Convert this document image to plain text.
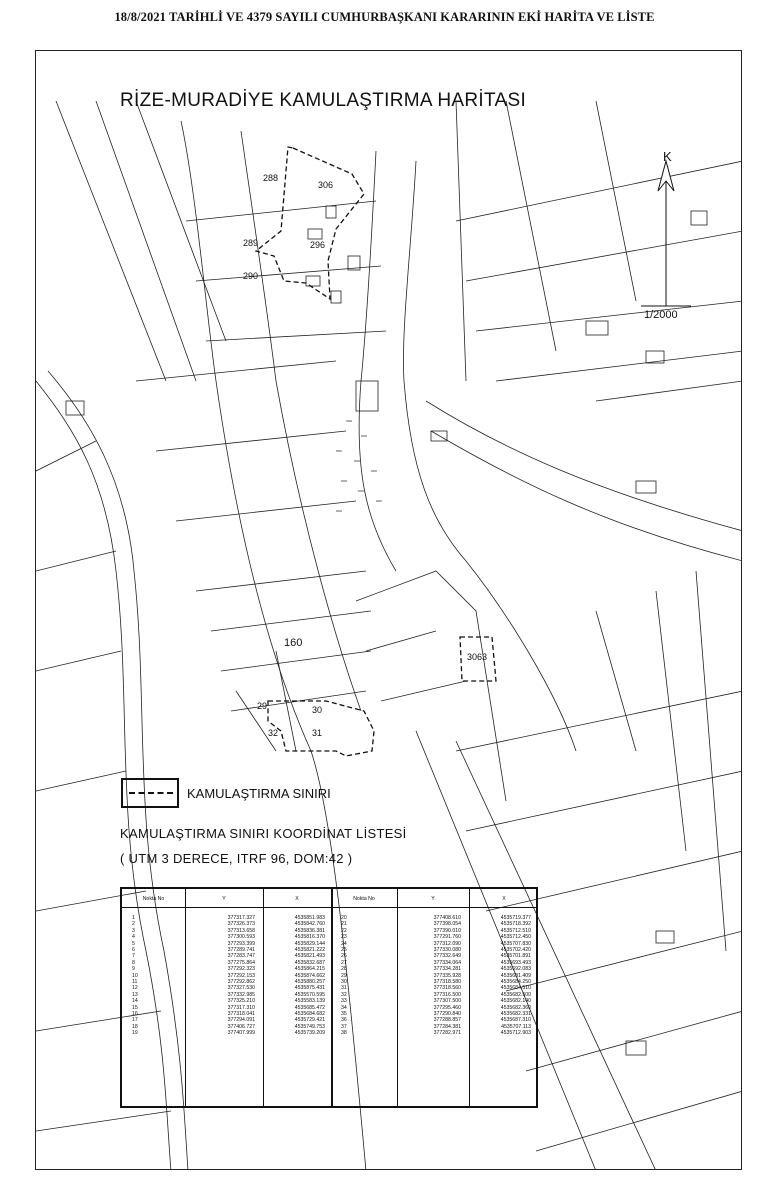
18/8/2021 TARİHLİ VE 4379 SAYILI CUMHURBAŞKANI KARARININ EKİ HARİTA VE LİSTE
RİZE-MURADİYE KAMULAŞTIRMA HARİTASI
K
1/2000
288
306
289
290
296
160
3063
29	30
31
32
KAMULAŞTIRMA SINIRI
KAMULAŞTIRMA SINIRI KOORDİNAT LİSTESİ
( UTM 3 DERECE, ITRF 96, DOM:42 )
Nokta No	Y	X	Nokta No	Y	X
1	377317.327	4535851.983
2	377326.373	4535842.760
3	377313.658	4535836.381
4	377300.593	4535816.370
5	377293.399	4535829.144
6	377289.741	4535821.222
7	377283.747	4535821.493
8	377275.864	4535832.687
9	377292.323	4535864.215
10	377292.153	4535874.662
11	377292.862	4535880.257
12	377327.530	4535875.431
13	377332.985	4535570.595
14	377325.210	4535583.139
15	377317.310	4535685.472
16	377318.041	4535684.682
17	377294.091	4535729.421
18	377406.727	4535749.753
19	377407.999	4535739.209
20	377408.610	4535719.377
21	377398.054	4535718.392
22	377390.010	4535712.510
23	377291.760	4535712.450
24	377312.090	4535707.830
25	377330.080	4535702.420
26	377332.649	4535701.891
27	377334.064	4535693.493
28	377334.281	4535692.083
29	377335.928	4535681.409
30	377318.580	4535684.250
31	377318.560	4535684.510
32	377316.500	4535682.500
33	377307.500	4535682.140
34	377295.460	4535682.360
35	377290.840	4535682.331
36	377288.857	4535687.310
37	377284.381	4535707.113
38	377282.971	4535712.903
